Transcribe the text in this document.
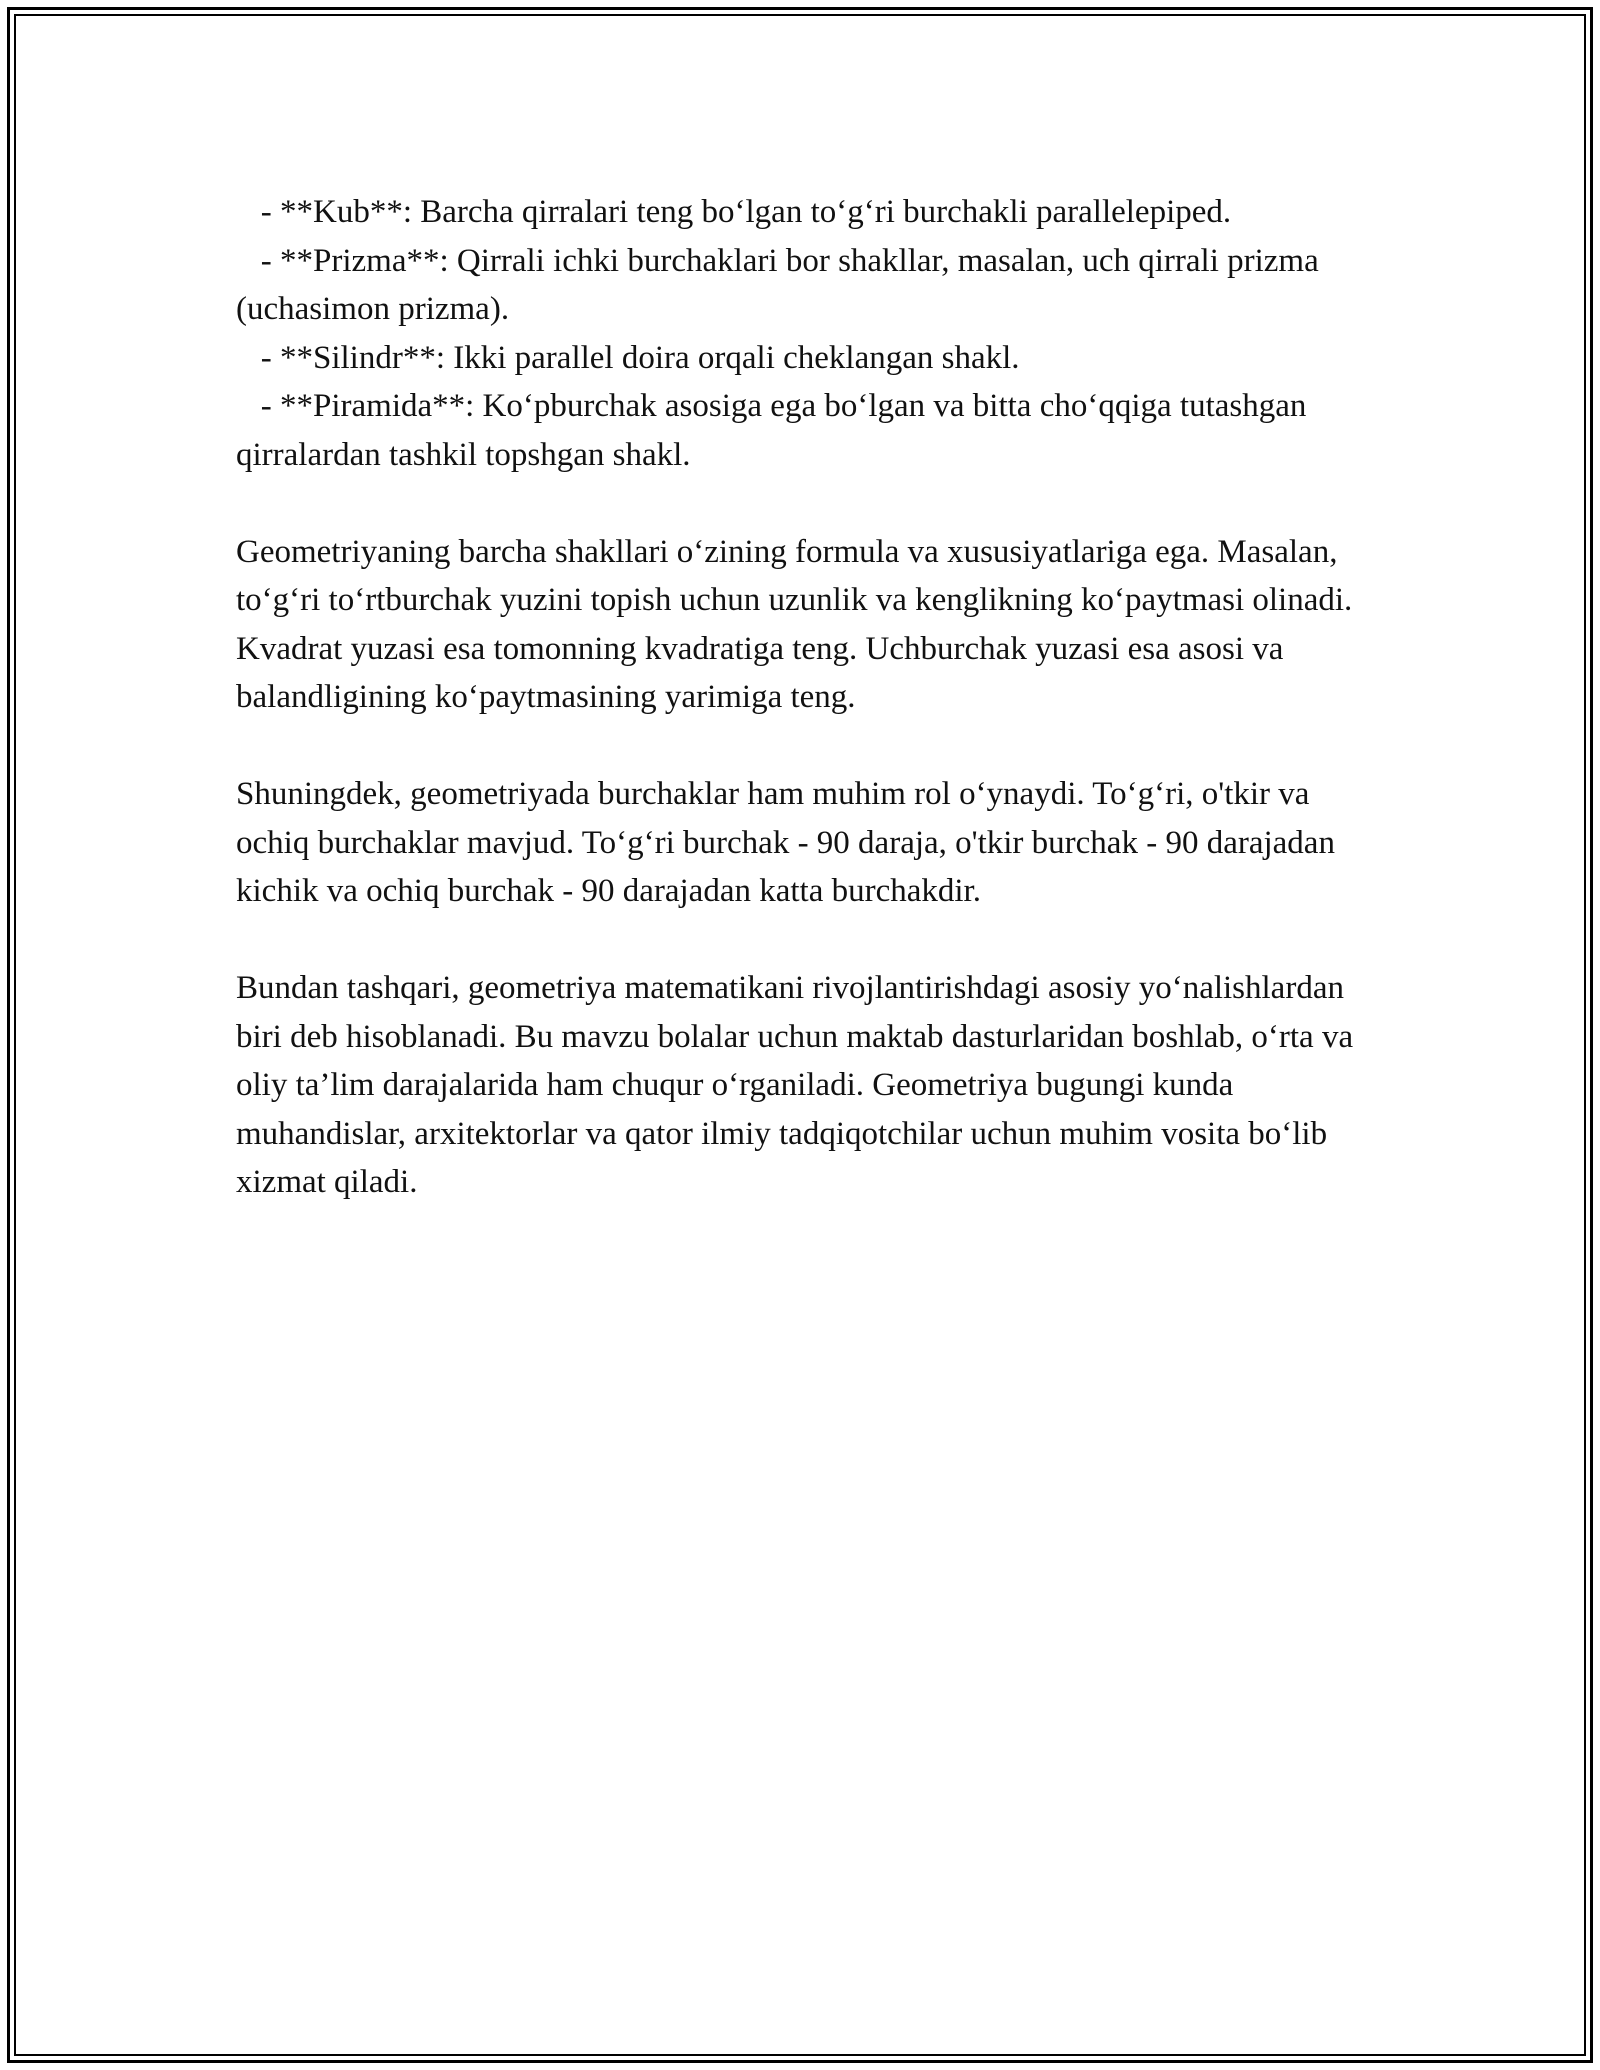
- **Kub**: Barcha qirralari teng bo‘lgan to‘g‘ri burchakli parallelepiped.

- **Prizma**: Qirrali ichki burchaklari bor shakllar, masalan, uch qirrali prizma (uchasimon prizma).

- **Silindr**: Ikki parallel doira orqali cheklangan shakl.

- **Piramida**: Ko‘pburchak asosiga ega bo‘lgan va bitta cho‘qqiga tutashgan qirralardan tashkil topshgan shakl.

Geometriyaning barcha shakllari o‘zining formula va xususiyatlariga ega. Masalan, to‘g‘ri to‘rtburchak yuzini topish uchun uzunlik va kenglikning ko‘paytmasi olinadi. Kvadrat yuzasi esa tomonning kvadratiga teng. Uchburchak yuzasi esa asosi va balandligining ko‘paytmasining yarimiga teng.

Shuningdek, geometriyada burchaklar ham muhim rol o‘ynaydi. To‘g‘ri, o'tkir va ochiq burchaklar mavjud. To‘g‘ri burchak - 90 daraja, o'tkir burchak - 90 darajadan kichik va ochiq burchak - 90 darajadan katta burchakdir.

Bundan tashqari, geometriya matematikani rivojlantirishdagi asosiy yo‘nalishlardan biri deb hisoblanadi. Bu mavzu bolalar uchun maktab dasturlaridan boshlab, o‘rta va oliy ta’lim darajalarida ham chuqur o‘rganiladi. Geometriya bugungi kunda muhandislar, arxitektorlar va qator ilmiy tadqiqotchilar uchun muhim vosita bo‘lib xizmat qiladi.
